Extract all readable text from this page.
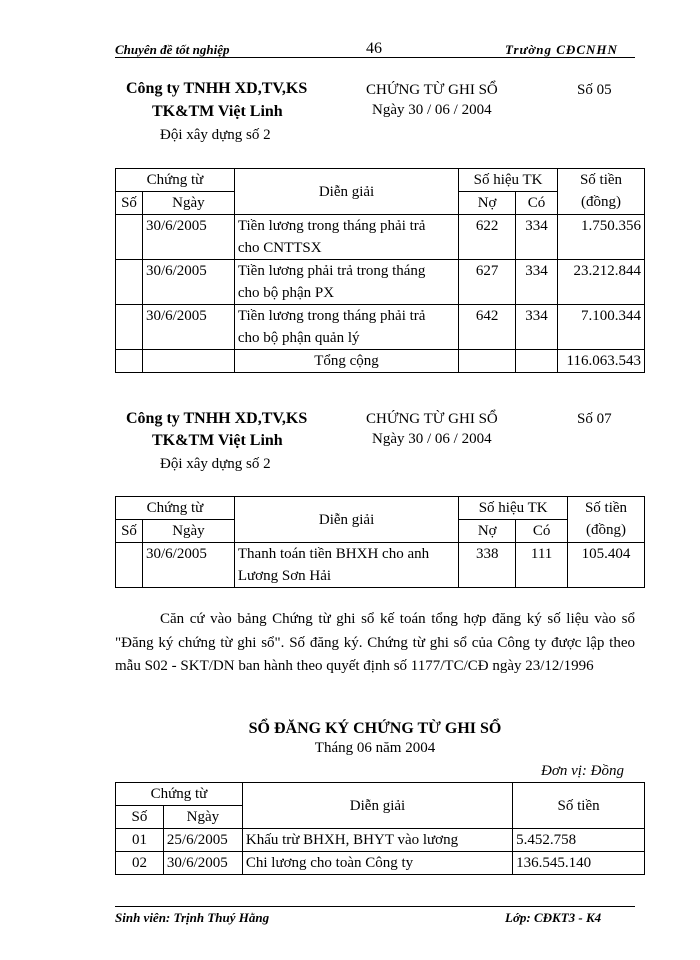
Chuyên đề tốt nghiệp	46	Trường CĐCNHN
Công ty TNHH XD,TV,KS
TK&TM Việt Linh
Đội xây dựng số 2
CHỨNG TỪ GHI SỔ
Ngày 30 / 06 / 2004
Số 05
Chứng từ		Diễn giải	Số hiệu TK		Số tiền
(đồng)
Số	Ngày		Nợ	Có	
	30/6/2005	Tiền lương trong tháng phải trả
cho CNTTSX	622	334	1.750.356
	30/6/2005	Tiền lương phải trả trong tháng
cho bộ phận PX	627	334	23.212.844
	30/6/2005	Tiền lương trong tháng phải trả
cho bộ phận quản lý	642	334	7.100.344
		Tổng cộng			116.063.543
Công ty TNHH XD,TV,KS
TK&TM Việt Linh
Đội xây dựng số 2
CHỨNG TỪ GHI SỔ
Ngày 30 / 06 / 2004
Số 07
Chứng từ		Diễn giải	Số hiệu TK		Số tiền
(đồng)
Số	Ngày		Nợ	Có	
	30/6/2005	Thanh toán tiền BHXH cho anh
Lương Sơn Hải	338	111	105.404
Căn cứ vào bảng Chứng từ ghi sổ kế toán tổng hợp đăng ký số liệu vào sổ "Đăng ký chứng từ ghi sổ". Số đăng ký. Chứng từ ghi sổ của Công ty được lập theo mẫu S02 - SKT/DN ban hành theo quyết định số 1177/TC/CĐ ngày 23/12/1996
SỔ ĐĂNG KÝ CHỨNG TỪ GHI SỔ
Tháng 06 năm 2004
Đơn vị: Đồng
Chứng từ		Diễn giải	Số tiền
Số	Ngày		
01	25/6/2005	Khấu trừ BHXH, BHYT vào lương	5.452.758
02	30/6/2005	Chi lương cho toàn Công ty	136.545.140
Sinh viên: Trịnh Thuý Hằng	Lớp: CĐKT3 - K4
